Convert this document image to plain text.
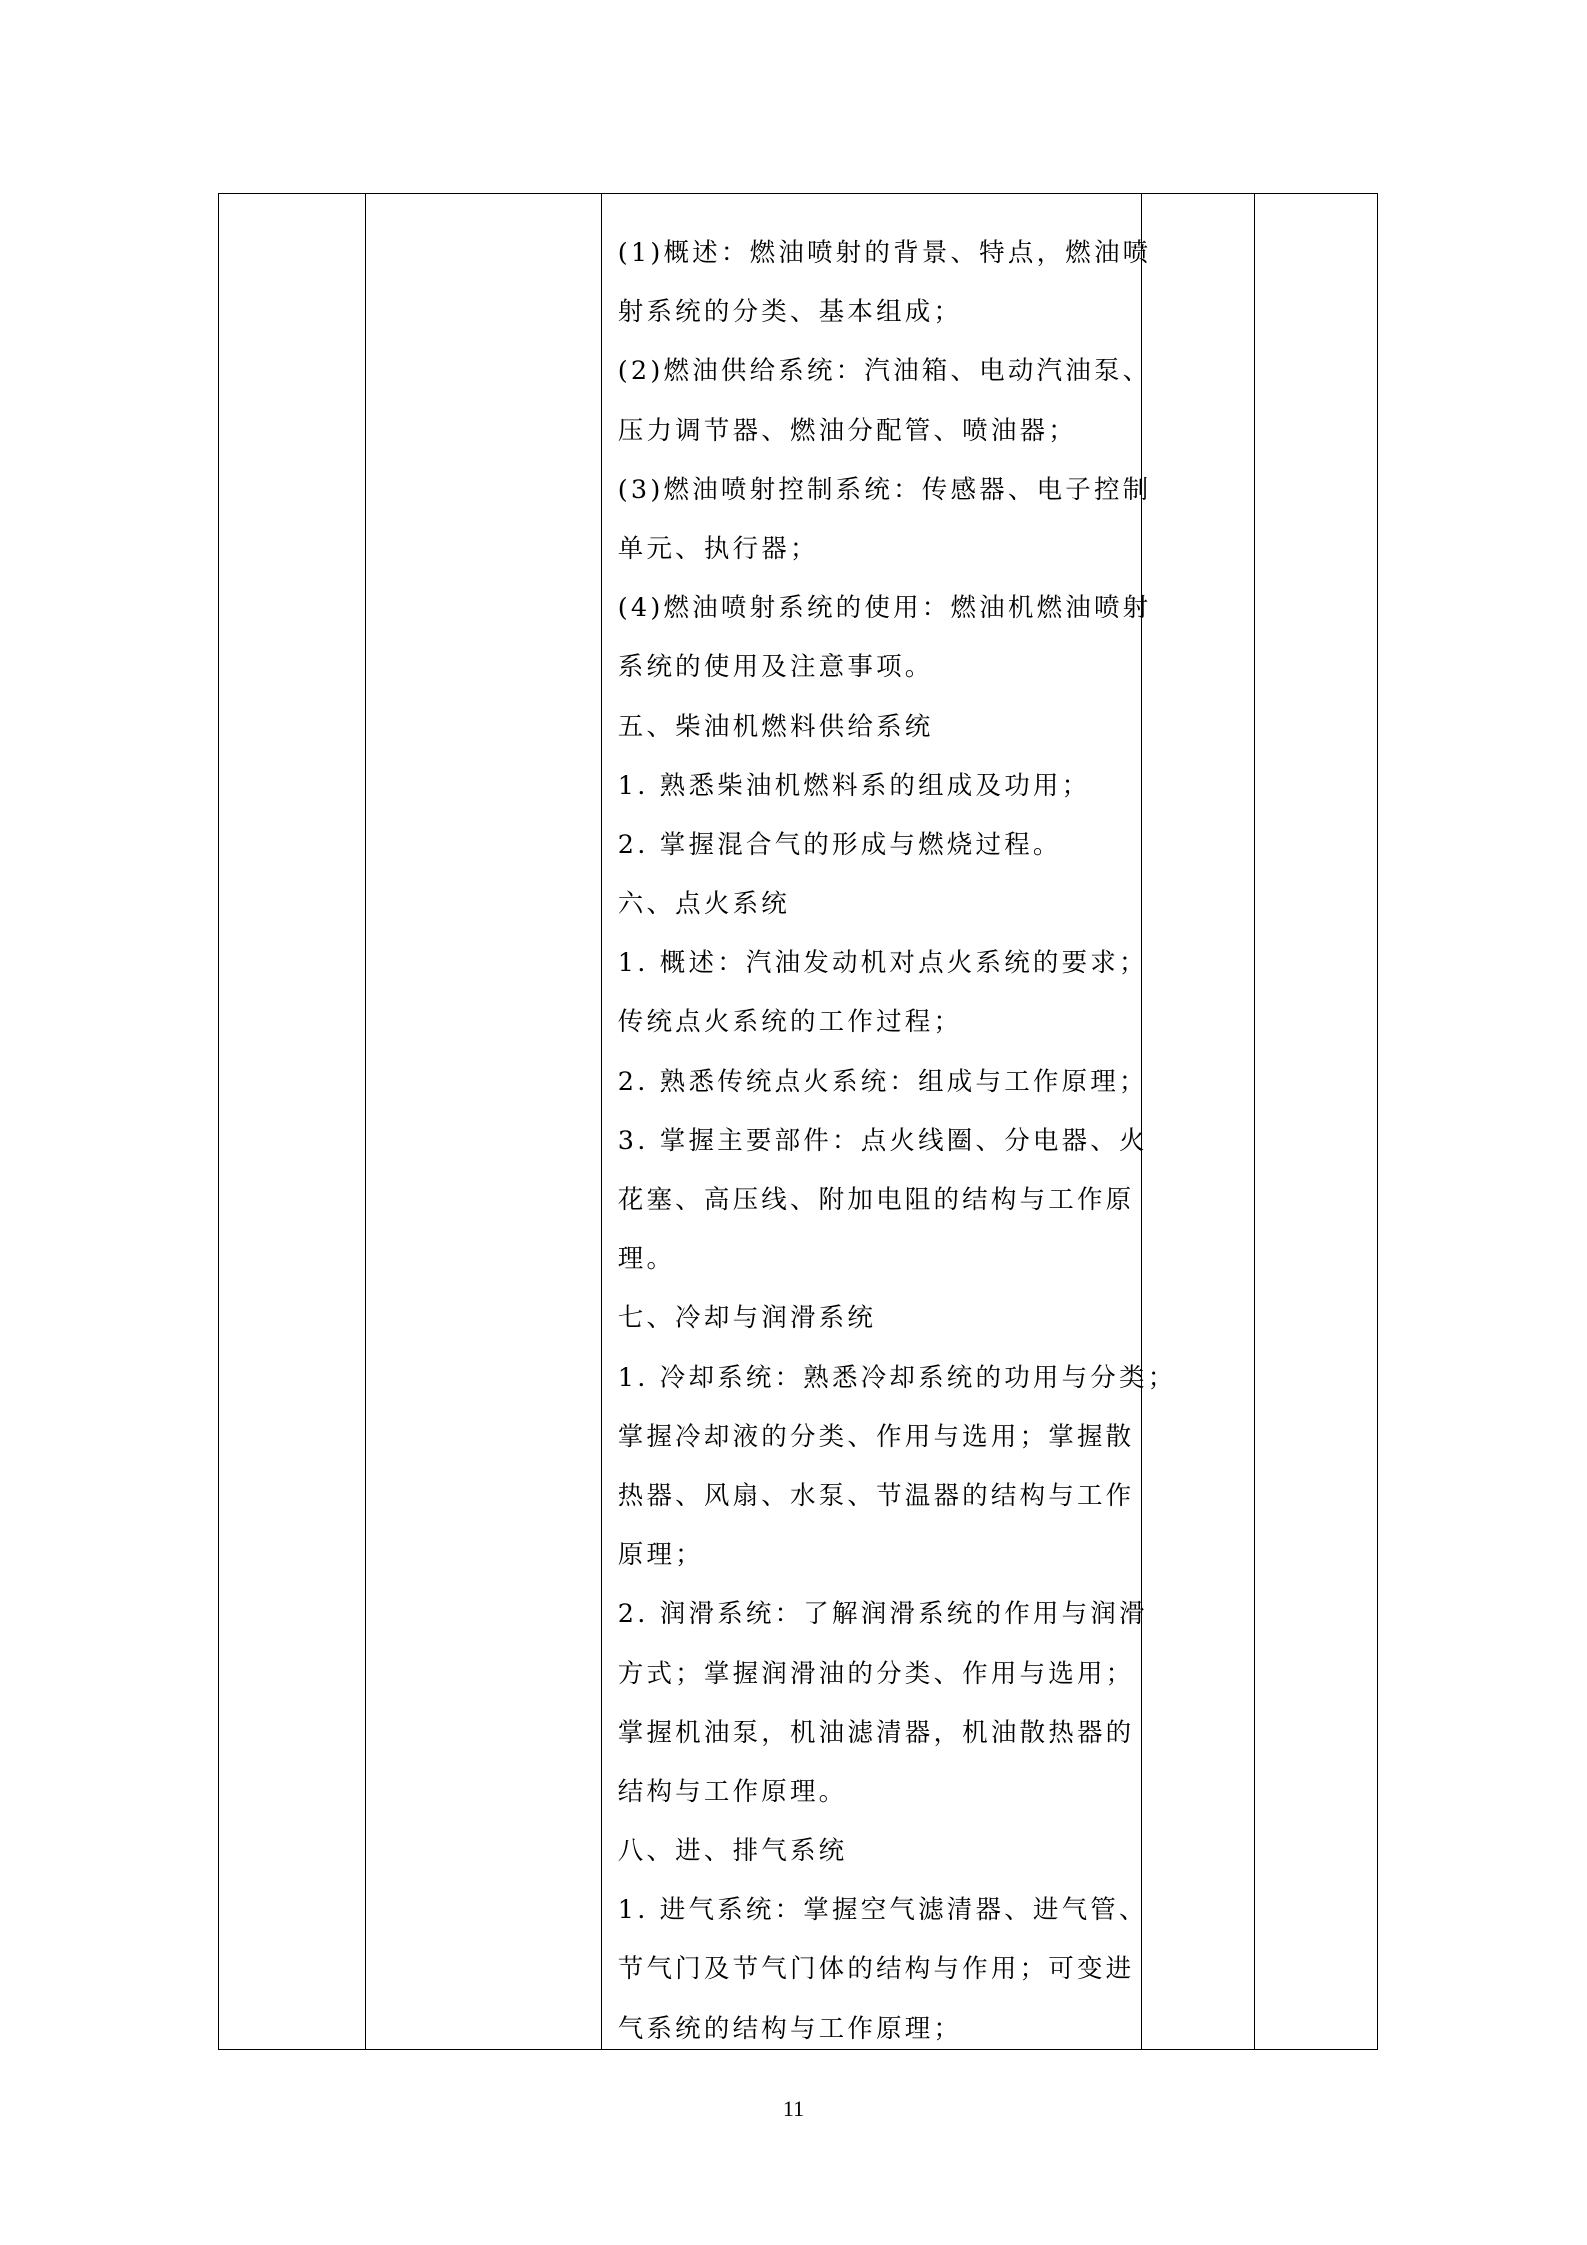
(1)概述：燃油喷射的背景、特点，燃油喷
射系统的分类、基本组成；
(2)燃油供给系统：汽油箱、电动汽油泵、
压力调节器、燃油分配管、喷油器；
(3)燃油喷射控制系统：传感器、电子控制
单元、执行器；
(4)燃油喷射系统的使用：燃油机燃油喷射
系统的使用及注意事项。
五、柴油机燃料供给系统
1. 熟悉柴油机燃料系的组成及功用；
2. 掌握混合气的形成与燃烧过程。
六、点火系统
1. 概述：汽油发动机对点火系统的要求；
传统点火系统的工作过程；
2. 熟悉传统点火系统：组成与工作原理；
3. 掌握主要部件：点火线圈、分电器、火
花塞、高压线、附加电阻的结构与工作原
理。
七、冷却与润滑系统
1. 冷却系统：熟悉冷却系统的功用与分类；
掌握冷却液的分类、作用与选用；掌握散
热器、风扇、水泵、节温器的结构与工作
原理；
2. 润滑系统：了解润滑系统的作用与润滑
方式；掌握润滑油的分类、作用与选用；
掌握机油泵，机油滤清器，机油散热器的
结构与工作原理。
八、进、排气系统
1. 进气系统：掌握空气滤清器、进气管、
节气门及节气门体的结构与作用；可变进
气系统的结构与工作原理；
11
